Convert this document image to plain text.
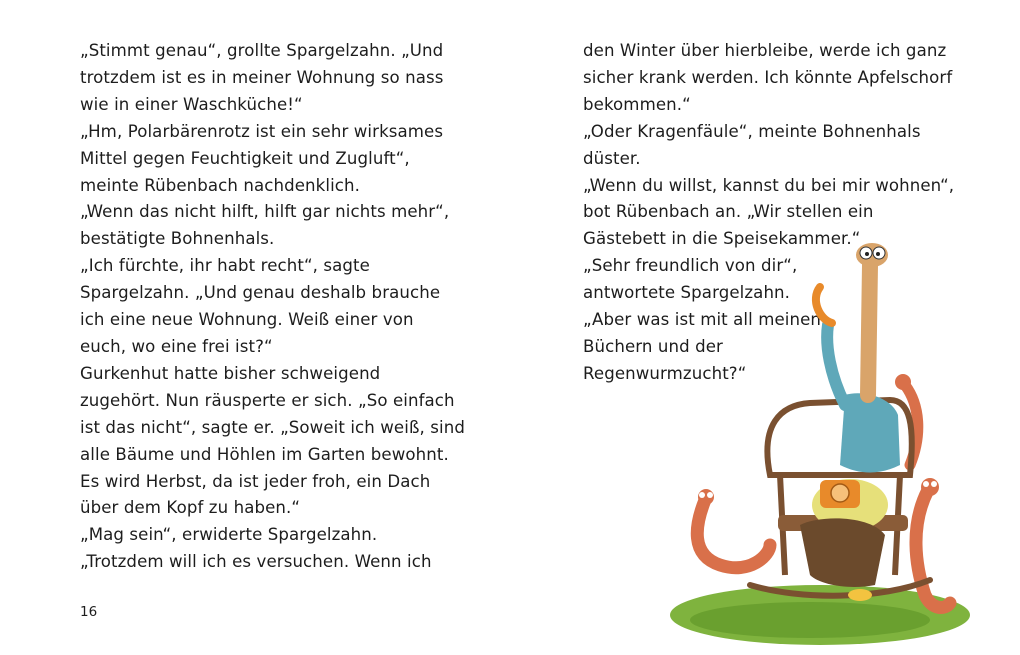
„Stimmt genau“, grollte Spargelzahn. „Und
trotzdem ist es in meiner Wohnung so nass
wie in einer Waschküche!“
„Hm, Polarbärenrotz ist ein sehr wirksames
Mittel gegen Feuchtigkeit und Zugluft“,
meinte Rübenbach nachdenklich.
„Wenn das nicht hilft, hilft gar nichts mehr“,
bestätigte Bohnenhals.
„Ich fürchte, ihr habt recht“, sagte
Spargelzahn. „Und genau deshalb brauche
ich eine neue Wohnung. Weiß einer von
euch, wo eine frei ist?“
Gurkenhut hatte bisher schweigend
zugehört. Nun räusperte er sich. „So einfach
ist das nicht“, sagte er. „Soweit ich weiß, sind
alle Bäume und Höhlen im Garten bewohnt.
Es wird Herbst, da ist jeder froh, ein Dach
über dem Kopf zu haben.“
„Mag sein“, erwiderte Spargelzahn.
„Trotzdem will ich es versuchen. Wenn ich
16
den Winter über hierbleibe, werde ich ganz
sicher krank werden. Ich könnte Apfelschorf
bekommen.“
„Oder Kragenfäule“, meinte Bohnenhals
düster.
„Wenn du willst, kannst du bei mir wohnen“,
bot Rübenbach an. „Wir stellen ein
Gästebett in die Speisekammer.“
„Sehr freundlich von dir“,
antwortete Spargelzahn.
„Aber was ist mit all meinen
Büchern und der
Regenwurmzucht?“
